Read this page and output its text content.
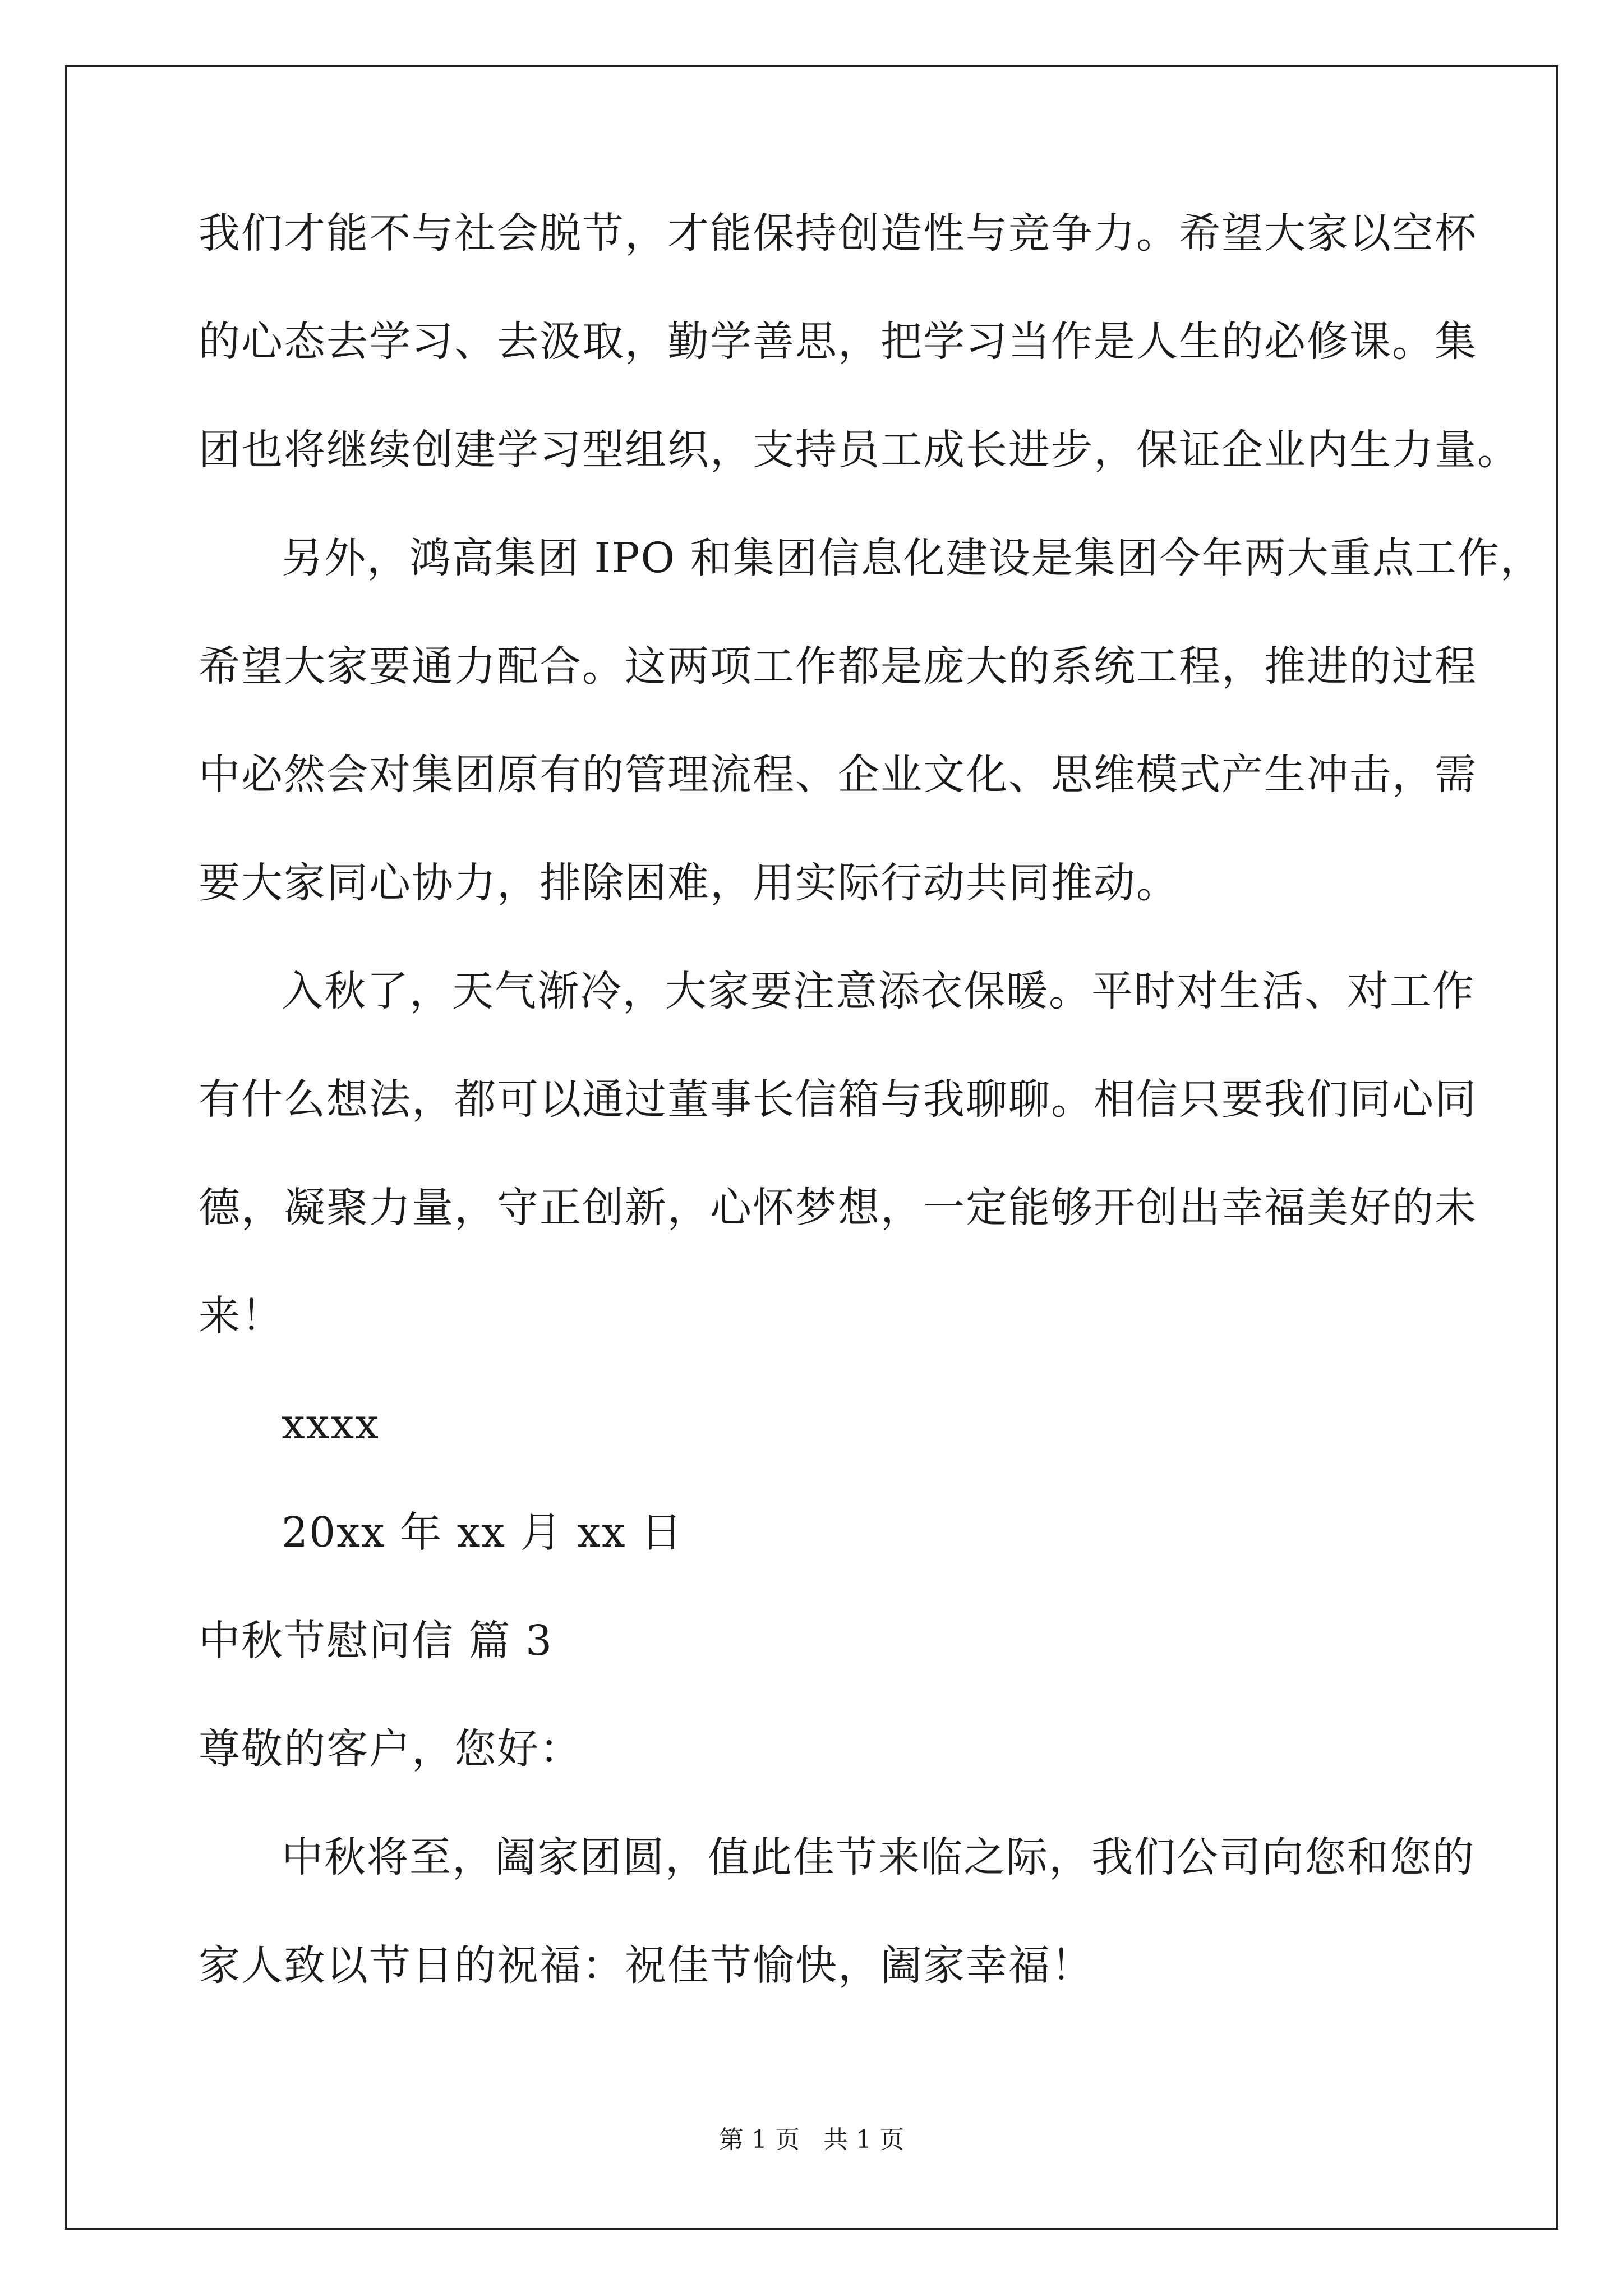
我们才能不与社会脱节，才能保持创造性与竞争力。希望大家以空杯
的心态去学习、去汲取，勤学善思，把学习当作是人生的必修课。集
团也将继续创建学习型组织，支持员工成长进步，保证企业内生力量。
另外，鸿高集团 IPO 和集团信息化建设是集团今年两大重点工作，
希望大家要通力配合。这两项工作都是庞大的系统工程，推进的过程
中必然会对集团原有的管理流程、企业文化、思维模式产生冲击，需
要大家同心协力，排除困难，用实际行动共同推动。
入秋了，天气渐冷，大家要注意添衣保暖。平时对生活、对工作
有什么想法，都可以通过董事长信箱与我聊聊。相信只要我们同心同
德，凝聚力量，守正创新，心怀梦想，一定能够开创出幸福美好的未
来！
xxxx
20xx 年 xx 月 xx 日
中秋节慰问信 篇 3
尊敬的客户，您好：
中秋将至，阖家团圆，值此佳节来临之际，我们公司向您和您的
家人致以节日的祝福：祝佳节愉快，阖家幸福！
第 1 页   共 1 页
